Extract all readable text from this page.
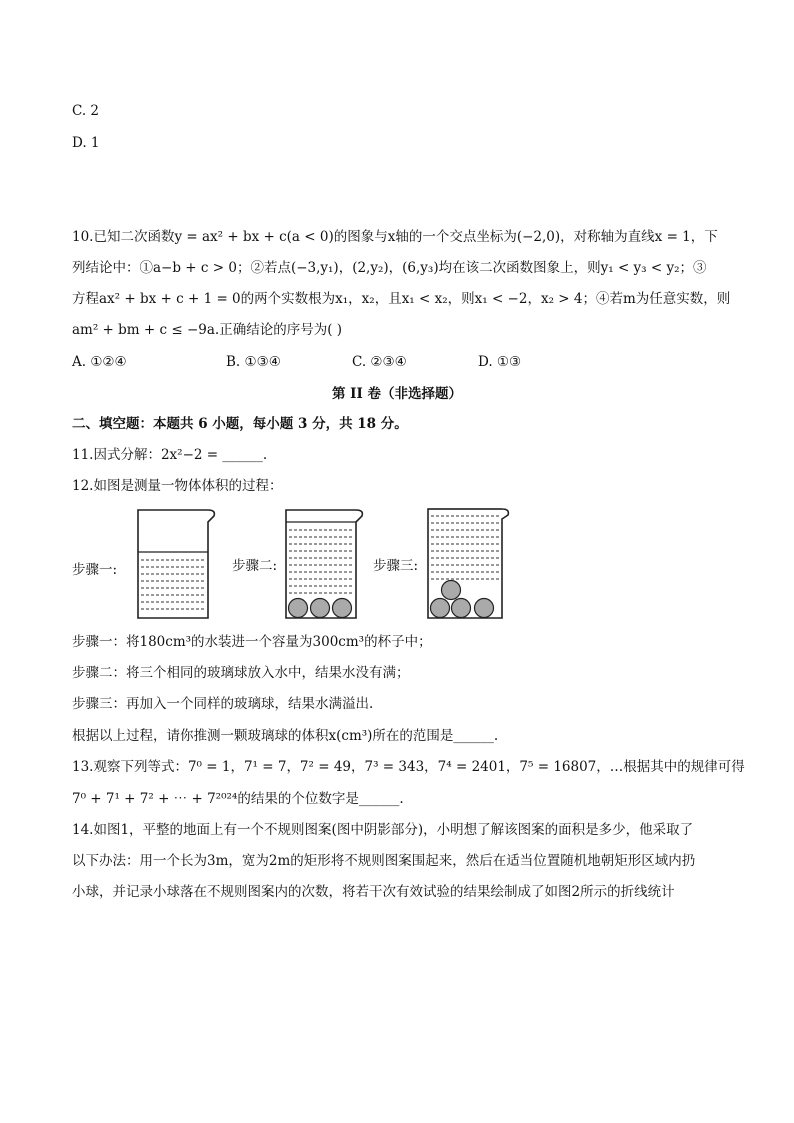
C. 2
D. 1
10.已知二次函数y = ax² + bx + c(a < 0)的图象与x轴的一个交点坐标为(−2,0)，对称轴为直线x = 1，下
列结论中：①a−b + c > 0；②若点(−3,y₁)，(2,y₂)，(6,y₃)均在该二次函数图象上，则y₁ < y₃ < y₂；③
方程ax² + bx + c + 1 = 0的两个实数根为x₁，x₂，且x₁ < x₂，则x₁ < −2，x₂ > 4；④若m为任意实数，则
am² + bm + c ≤ −9a.正确结论的序号为( )
A. ①②④	B. ①③④	C. ②③④	D. ①③
第 II 卷（非选择题）
二、填空题：本题共 6 小题，每小题 3 分，共 18 分。
11.因式分解：2x²−2 = ______.
12.如图是测量一物体体积的过程：
步骤一:	步骤二:	步骤三:
步骤一：将180cm³的水装进一个容量为300cm³的杯子中；
步骤二：将三个相同的玻璃球放入水中，结果水没有满；
步骤三：再加入一个同样的玻璃球，结果水满溢出.
根据以上过程，请你推测一颗玻璃球的体积x(cm³)所在的范围是______.
13.观察下列等式：7⁰ = 1，7¹ = 7，7² = 49，7³ = 343，7⁴ = 2401，7⁵ = 16807，…根据其中的规律可得
7⁰ + 7¹ + 7² + ⋯ + 7²⁰²⁴的结果的个位数字是______.
14.如图1，平整的地面上有一个不规则图案(图中阴影部分)，小明想了解该图案的面积是多少，他采取了
以下办法：用一个长为3m，宽为2m的矩形将不规则图案围起来，然后在适当位置随机地朝矩形区域内扔
小球，并记录小球落在不规则图案内的次数，将若干次有效试验的结果绘制成了如图2所示的折线统计
